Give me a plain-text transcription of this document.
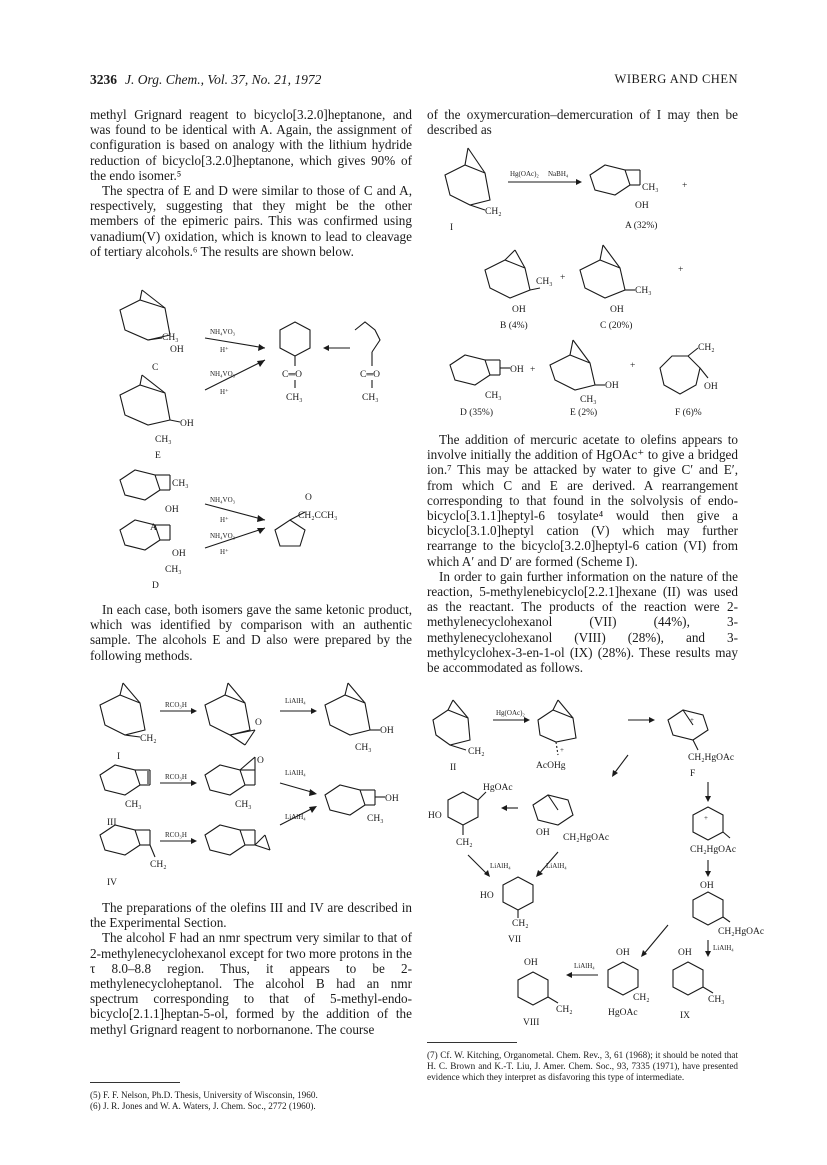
3236 J. Org. Chem., Vol. 37, No. 21, 1972	WIBERG AND CHEN

methyl Grignard reagent to bicyclo[3.2.0]heptanone, and was found to be identical with A. Again, the assignment of configuration is based on analogy with the lithium hydride reduction of bicyclo[3.2.0]heptanone, which gives 90% of the endo isomer.⁵

The spectra of E and D were similar to those of C and A, respectively, suggesting that they might be the other members of the epimeric pairs. This was confirmed using vanadium(V) oxidation, which is known to lead to cleavage of tertiary alcohols.⁶ The results are shown below.

CH₃
OH
C
NH₄VO₃
H⁺
NH₄VO₃
H⁺
C═O
CH₃
C═O
CH₃
OH
CH₃
E
CH₃
OH
A
OH
CH₃
D
NH₄VO₃
H⁺
NH₄VO₃
H⁺
O
CH₂CCH₃

In each case, both isomers gave the same ketonic product, which was identified by comparison with an authentic sample. The alcohols E and D also were prepared by the following methods.

CH₂
I
RCO₃H
O
LiAlH₄
OH
CH₃
CH₃
III
RCO₃H
O
CH₃
LiAlH₄
LiAlH₄
OH
CH₃
CH₂
IV
RCO₃H

The preparations of the olefins III and IV are described in the Experimental Section.

The alcohol F had an nmr spectrum very similar to that of 2-methylenecyclohexanol except for two more protons in the τ 8.0–8.8 region. Thus, it appears to be 2-methylenecycloheptanol. The alcohol B had an nmr spectrum corresponding to that of 5-methyl-endo-bicyclo[2.1.1]heptan-5-ol, formed by the addition of the methyl Grignard reagent to norbornanone. The course

(5) F. F. Nelson, Ph.D. Thesis, University of Wisconsin, 1960.
(6) J. R. Jones and W. A. Waters, J. Chem. Soc., 2772 (1960).

of the oxymercuration–demercuration of I may then be described as

CH₂
I
Hg(OAc)₂ NaBH₄
CH₃
OH
A (32%)
+
CH₃
OH
B (4%)
+
CH₃
OH
C (20%)
+
OH
CH₃
D (35%)
+
OH
CH₃
E (2%)
+
CH₂
OH
F (6)%

The addition of mercuric acetate to olefins appears to involve initially the addition of HgOAc⁺ to give a bridged ion.⁷ This may be attacked by water to give C′ and E′, from which C and E are derived. A rearrangement corresponding to that found in the solvolysis of endo-bicyclo[3.1.1]heptyl-6 tosylate⁴ would then give a bicyclo[3.1.0]heptyl cation (V) which may further rearrange to the bicyclo[3.2.0]heptyl-6 cation (VI) from which A′ and D′ are formed (Scheme I).

In order to gain further information on the nature of the reaction, 5-methylenebicyclo[2.2.1]hexane (II) was used as the reactant. The products of the reaction were 2-methylenecyclohexanol (VII) (44%), 3-methylenecyclohexanol (VIII) (28%), and 3-methylcyclohex-3-en-1-ol (IX) (28%). These results may be accommodated as follows.

CH₂
II
Hg(OAc)₂
+
AcOHg
+
CH₂HgOAc
F
+
CH₂HgOAc
HO
HgOAc
CH₂
OH CH₂HgOAc
LiAlH₄	LiAlH₄
HO
CH₂
VII
OH
CH₂HgOAc
LiAlH₄
OH
CH₂
VIII
LiAlH₄
OH
CH₂
HgOAc
OH
CH₃
IX
(7) Cf. W. Kitching, Organometal. Chem. Rev., 3, 61 (1968); it should be noted that H. C. Brown and K.-T. Liu, J. Amer. Chem. Soc., 93, 7335 (1971), have presented evidence which they interpret as disfavoring this type of intermediate.
